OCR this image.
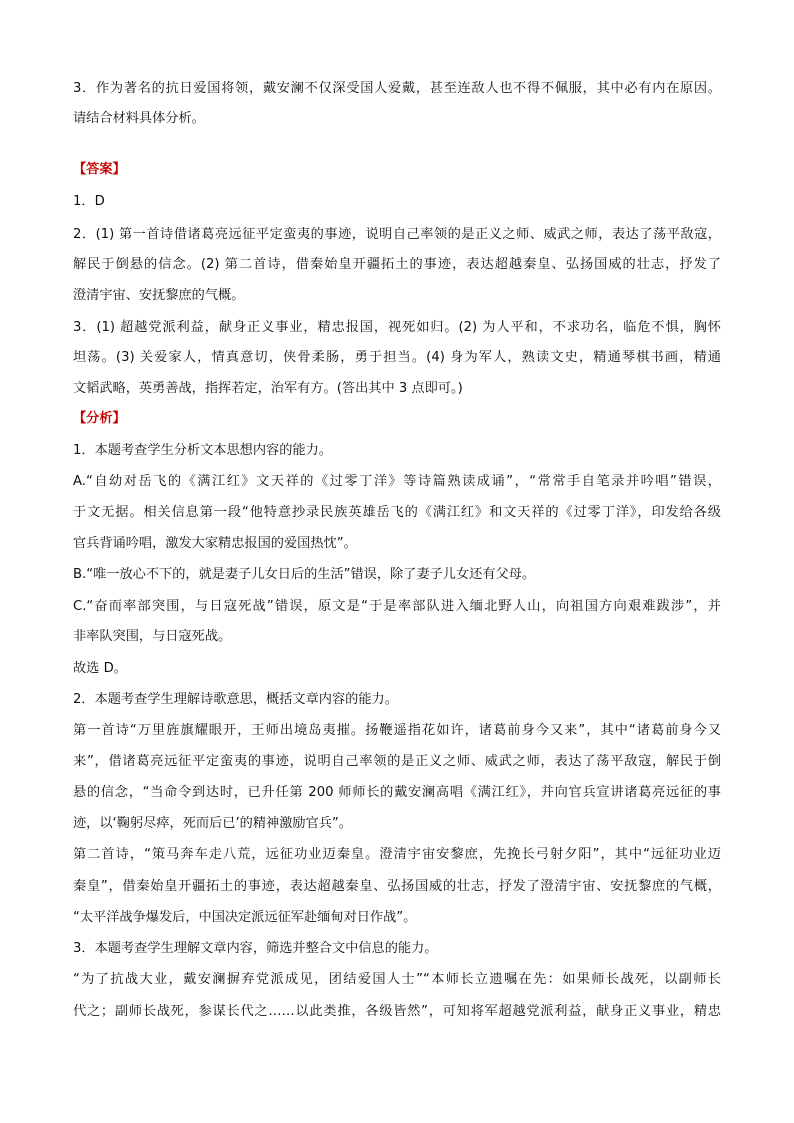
3．作为著名的抗日爱国将领，戴安澜不仅深受国人爱戴，甚至连敌人也不得不佩服，其中必有内在原因。
请结合材料具体分析。
【答案】
1．D
2．(1) 第一首诗借诸葛亮远征平定蛮夷的事迹，说明自己率领的是正义之师、威武之师，表达了荡平敌寇，
解民于倒悬的信念。(2) 第二首诗，借秦始皇开疆拓土的事迹，表达超越秦皇、弘扬国威的壮志，抒发了
澄清宇宙、安抚黎庶的气概。
3．(1) 超越党派利益，献身正义事业，精忠报国，视死如归。(2) 为人平和，不求功名，临危不惧，胸怀
坦荡。(3) 关爱家人，情真意切，侠骨柔肠，勇于担当。(4) 身为军人，熟读文史，精通琴棋书画，精通
文韬武略，英勇善战，指挥若定，治军有方。(答出其中 3 点即可。)
【分析】
1．本题考查学生分析文本思想内容的能力。
A.“自幼对岳飞的《满江红》文天祥的《过零丁洋》等诗篇熟读成诵”，“常常手自笔录并吟唱”错误，
于文无据。相关信息第一段“他特意抄录民族英雄岳飞的《满江红》和文天祥的《过零丁洋》，印发给各级
官兵背诵吟唱，激发大家精忠报国的爱国热忱”。
B.“唯一放心不下的，就是妻子儿女日后的生活”错误，除了妻子儿女还有父母。
C.“奋而率部突围，与日寇死战”错误，原文是“于是率部队进入缅北野人山，向祖国方向艰难跋涉”，并
非率队突围，与日寇死战。
故选 D。
2．本题考查学生理解诗歌意思，概括文章内容的能力。
第一首诗“万里旌旗耀眼开，王师出境岛夷摧。扬鞭遥指花如许，诸葛前身今又来”，其中“诸葛前身今又
来”，借诸葛亮远征平定蛮夷的事迹，说明自己率领的是正义之师、威武之师，表达了荡平敌寇，解民于倒
悬的信念，“当命令到达时，已升任第 200 师师长的戴安澜高唱《满江红》，并向官兵宣讲诸葛亮远征的事
迹，以‘鞠躬尽瘁，死而后已’的精神激励官兵”。
第二首诗，“策马奔车走八荒，远征功业迈秦皇。澄清宇宙安黎庶，先挽长弓射夕阳”，其中“远征功业迈
秦皇”，借秦始皇开疆拓土的事迹，表达超越秦皇、弘扬国威的壮志，抒发了澄清宇宙、安抚黎庶的气概，
“太平洋战争爆发后，中国决定派远征军赴缅甸对日作战”。
3．本题考查学生理解文章内容，筛选并整合文中信息的能力。
“为了抗战大业，戴安澜摒弃党派成见，团结爱国人士”“本师长立遗嘱在先：如果师长战死，以副师长
代之；副师长战死，参谋长代之……以此类推，各级皆然”，可知将军超越党派利益，献身正义事业，精忠
